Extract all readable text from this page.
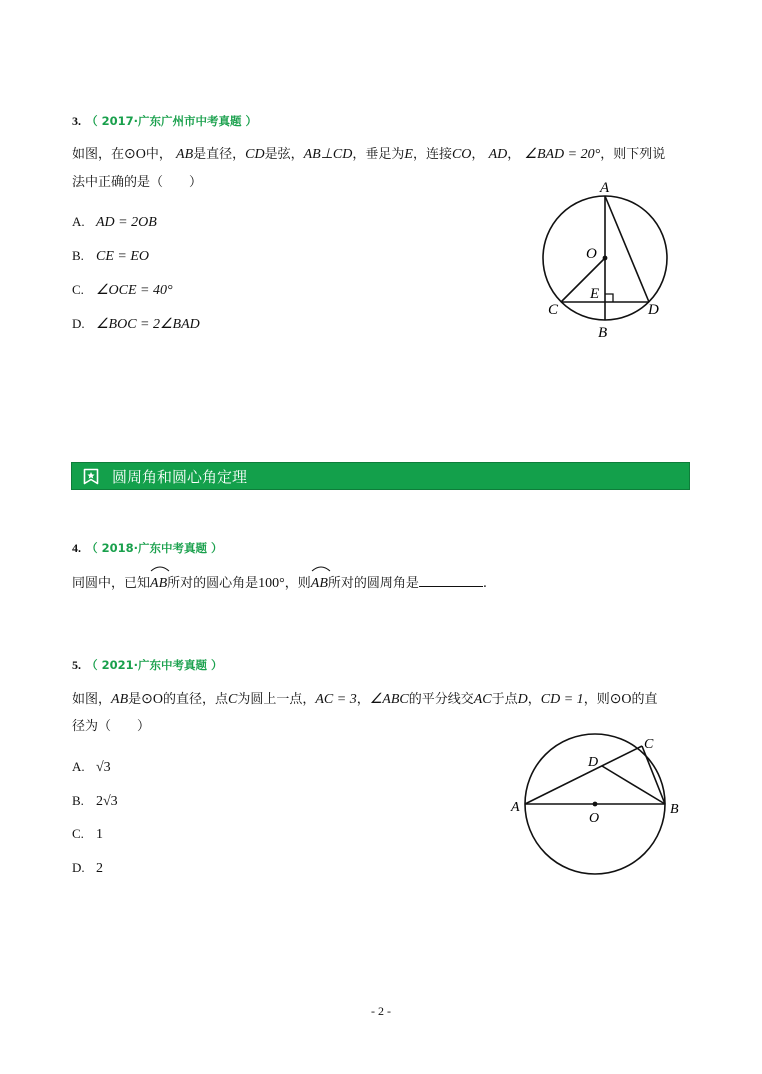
3. （ 2017·广东广州市中考真题 ）
如图，在⊙O中， AB是直径，CD是弦，AB⊥CD，垂足为E，连接CO， AD， ∠BAD = 20°，则下列说
法中正确的是（　　）
A. AD = 2OB
B. CE = EO
C. ∠OCE = 40°
D. ∠BOC = 2∠BAD
A
O
E
C	D
B
圆周角和圆心角定理
4. （ 2018·广东中考真题 ）
同圆中，已知
AB所对的圆心角是100°，则
AB所对的圆周角是	.
5. （ 2021·广东中考真题 ）
如图，AB是⊙O的直径，点C为圆上一点，AC = 3，∠ABC的平分线交AC于点D，CD = 1，则⊙O的直
径为（　　）
A. √3
B. 2√3
C. 1
D. 2
A	B
C
D
O
- 2 -
